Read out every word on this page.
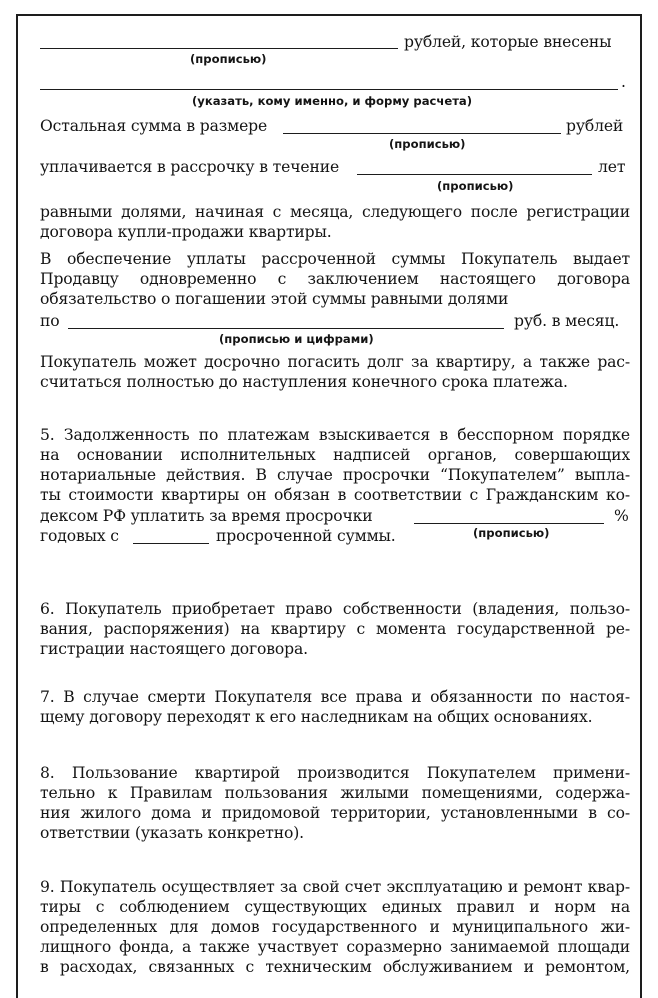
рублей, которые внесены
(прописью)
.
(указать, кому именно, и форму расчета)
Остальная сумма в размере	рублей
(прописью)
уплачивается в рассрочку в течение	лет
(прописью)
равными долями, начиная с месяца, следующего после регистрации
договора купли-продажи квартиры.
В обеспечение уплаты рассроченной суммы Покупатель выдает
Продавцу одновременно с заключением настоящего договора
обязательство о погашении этой суммы равными долями
по	руб. в месяц.
(прописью и цифрами)
Покупатель может досрочно погасить долг за квартиру, а также рас-
считаться полностью до наступления конечного срока платежа.
5. Задолженность по платежам взыскивается в бесспорном порядке
на основании исполнительных надписей органов, совершающих
нотариальные действия. В случае просрочки “Покупателем” выпла-
ты стоимости квартиры он обязан в соответствии с Гражданским ко-
дексом РФ уплатить за время просрочки	%
годовых с	просроченной суммы.	(прописью)
6. Покупатель приобретает право собственности (владения, пользо-
вания, распоряжения) на квартиру с момента государственной ре-
гистрации настоящего договора.
7. В случае смерти Покупателя все права и обязанности по настоя-
щему договору переходят к его наследникам на общих основаниях.
8. Пользование квартирой производится Покупателем примени-
тельно к Правилам пользования жилыми помещениями, содержа-
ния жилого дома и придомовой территории, установленными в со-
ответствии (указать конкретно).
9. Покупатель осуществляет за свой счет эксплуатацию и ремонт квар-
тиры с соблюдением существующих единых правил и норм на
определенных для домов государственного и муниципального жи-
лищного фонда, а также участвует соразмерно занимаемой площади
в расходах, связанных с техническим обслуживанием и ремонтом,
